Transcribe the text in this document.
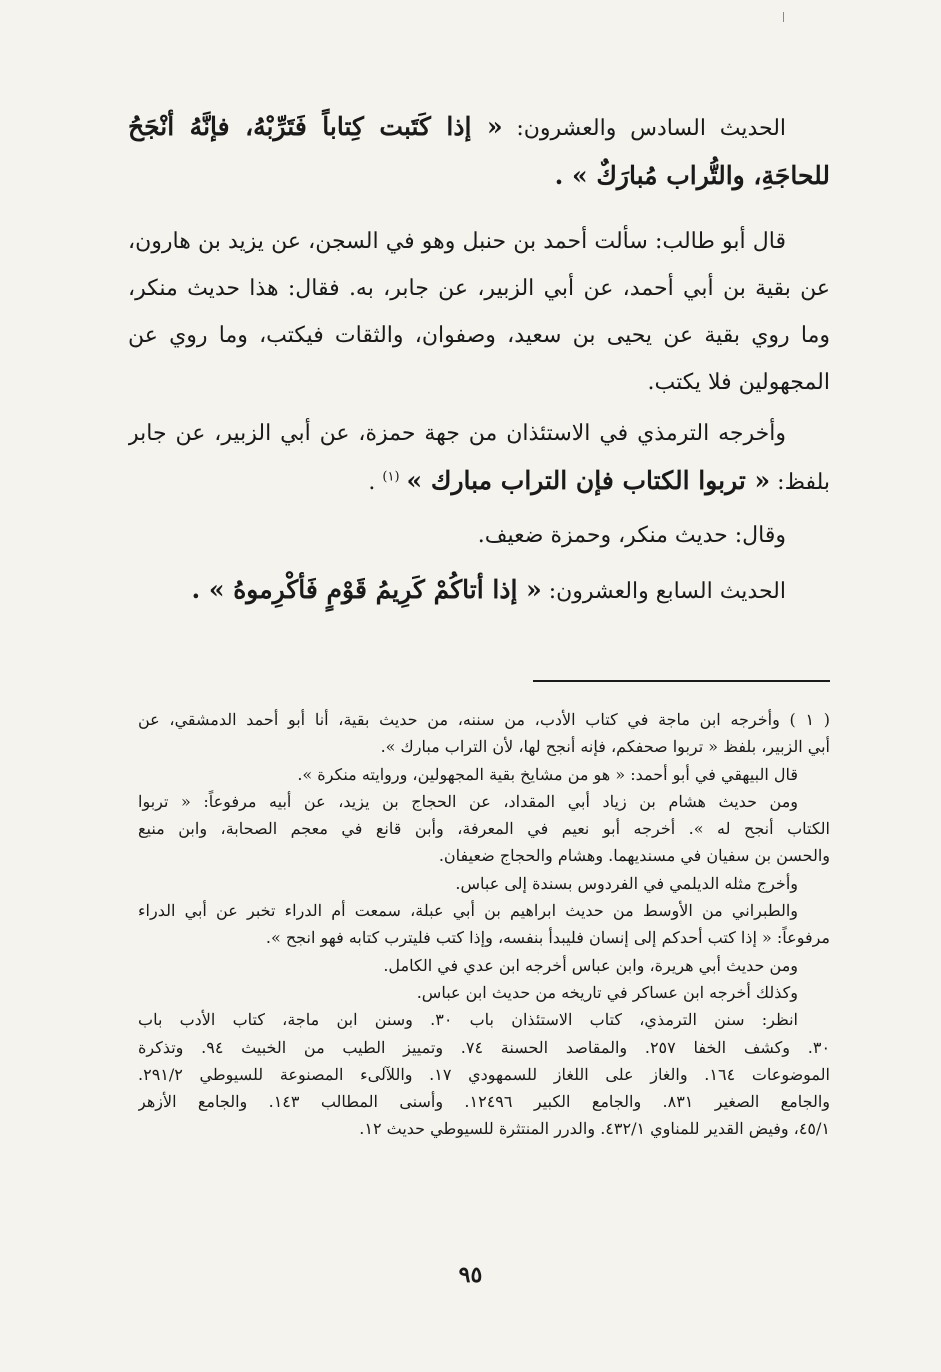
الحديث السادس والعشرون: « إذا كَتَبت كِتاباً فَتَرِّبْهُ، فإنَّهُ أنْجَحُ
للحاجَةِ، والتُّراب مُبارَكٌ » .
قال أبو طالب: سألت أحمد بن حنبل وهو في السجن، عن يزيد بن هارون،
عن بقية بن أبي أحمد، عن أبي الزبير، عن جابر، به. فقال: هذا حديث منكر،
وما روي بقية عن يحيى بن سعيد، وصفوان، والثقات فيكتب، وما روي عن
المجهولين فلا يكتب.
وأخرجه الترمذي في الاستئذان من جهة حمزة، عن أبي الزبير، عن جابر
بلفظ: « تربوا الكتاب فإن التراب مبارك » $^{(١)}$ .
وقال: حديث منكر، وحمزة ضعيف.
الحديث السابع والعشرون: « إذا أتاكُمْ كَرِيمُ قَوْمٍ فَأكْرِموهُ » .
( ١ ) وأخرجه ابن ماجة في كتاب الأدب، من سننه، من حديث بقية، أنا أبو أحمد الدمشقي، عن
أبي الزبير، بلفظ « تربوا صحفكم، فإنه أنجح لها، لأن التراب مبارك ».
قال البيهقي في أبو أحمد: « هو من مشايخ بقية المجهولين، وروايته منكرة ».
ومن حديث هشام بن زياد أبي المقداد، عن الحجاج بن يزيد، عن أبيه مرفوعاً: « تربوا
الكتاب أنجح له ». أخرجه أبو نعيم في المعرفة، وأبن قانع في معجم الصحابة، وابن منيع
والحسن بن سفيان في مسنديهما. وهشام والحجاج ضعيفان.
وأخرج مثله الديلمي في الفردوس بسندة إلى عباس.
والطبراني من الأوسط من حديث ابراهيم بن أبي عبلة، سمعت أم الدراء تخبر عن أبي الدراء
مرفوعاً: « إذا كتب أحدكم إلى إنسان فليبدأ بنفسه، وإذا كتب فليترب كتابه فهو انجح ».
ومن حديث أبي هريرة، وابن عباس أخرجه ابن عدي في الكامل.
وكذلك أخرجه ابن عساكر في تاريخه من حديث ابن عباس.
انظر: سنن الترمذي، كتاب الاستئذان باب ٣٠. وسنن ابن ماجة، كتاب الأدب باب
٣٠. وكشف الخفا ٢٥٧. والمقاصد الحسنة ٧٤. وتمييز الطيب من الخبيث ٩٤. وتذكرة
الموضوعات ١٦٤. والغاز على اللغاز للسمهودي ١٧. واللآلىء المصنوعة للسيوطي ٢٩١/٢.
والجامع الصغير ٨٣١. والجامع الكبير ١٢٤٩٦. وأسنى المطالب ١٤٣. والجامع الأزهر
٤٥/١، وفيض القدير للمناوي ٤٣٢/١. والدرر المنتثرة للسيوطي حديث ١٢.
٩٥
